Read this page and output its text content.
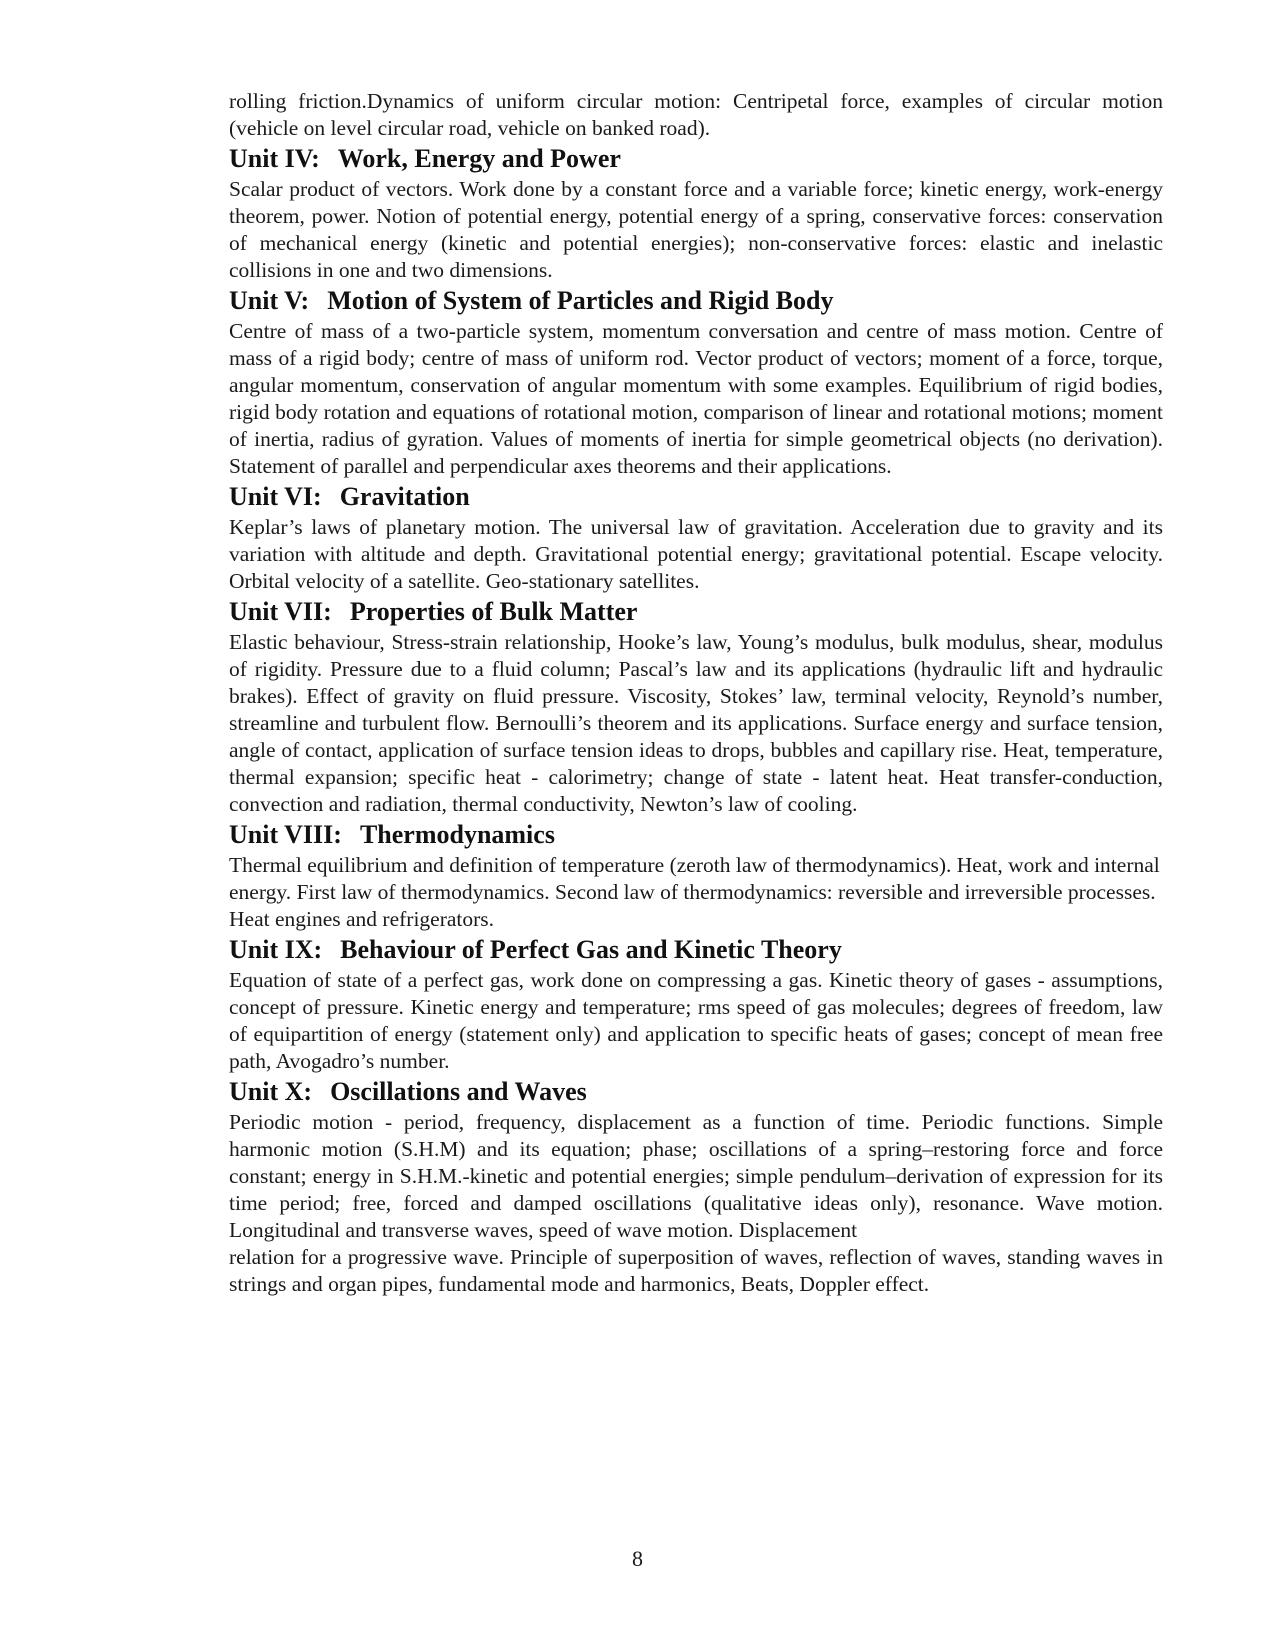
rolling friction.Dynamics of uniform circular motion: Centripetal force, examples of circular motion (vehicle on level circular road, vehicle on banked road).

Unit IV: Work, Energy and Power

Scalar product of vectors. Work done by a constant force and a variable force; kinetic energy, work-energy theorem, power. Notion of potential energy, potential energy of a spring, conservative forces: conservation of mechanical energy (kinetic and potential energies); non-conservative forces: elastic and inelastic collisions in one and two dimensions.

Unit V: Motion of System of Particles and Rigid Body

Centre of mass of a two-particle system, momentum conversation and centre of mass motion. Centre of mass of a rigid body; centre of mass of uniform rod. Vector product of vectors; moment of a force, torque, angular momentum, conservation of angular momentum with some examples. Equilibrium of rigid bodies, rigid body rotation and equations of rotational motion, comparison of linear and rotational motions; moment of inertia, radius of gyration. Values of moments of inertia for simple geometrical objects (no derivation). Statement of parallel and perpendicular axes theorems and their applications.

Unit VI: Gravitation

Keplar’s laws of planetary motion. The universal law of gravitation. Acceleration due to gravity and its variation with altitude and depth. Gravitational potential energy; gravitational potential. Escape velocity. Orbital velocity of a satellite. Geo-stationary satellites.

Unit VII: Properties of Bulk Matter

Elastic behaviour, Stress-strain relationship, Hooke’s law, Young’s modulus, bulk modulus, shear, modulus of rigidity. Pressure due to a fluid column; Pascal’s law and its applications (hydraulic lift and hydraulic brakes). Effect of gravity on fluid pressure. Viscosity, Stokes’ law, terminal velocity, Reynold’s number, streamline and turbulent flow. Bernoulli’s theorem and its applications. Surface energy and surface tension, angle of contact, application of surface tension ideas to drops, bubbles and capillary rise. Heat, temperature, thermal expansion; specific heat - calorimetry; change of state - latent heat. Heat transfer-conduction, convection and radiation, thermal conductivity, Newton’s law of cooling.

Unit VIII: Thermodynamics

Thermal equilibrium and definition of temperature (zeroth law of thermodynamics). Heat, work and internal energy. First law of thermodynamics. Second law of thermodynamics: reversible and irreversible processes. Heat engines and refrigerators.

Unit IX: Behaviour of Perfect Gas and Kinetic Theory

Equation of state of a perfect gas, work done on compressing a gas. Kinetic theory of gases - assumptions, concept of pressure. Kinetic energy and temperature; rms speed of gas molecules; degrees of freedom, law of equipartition of energy (statement only) and application to specific heats of gases; concept of mean free path, Avogadro’s number.

Unit X: Oscillations and Waves

Periodic motion - period, frequency, displacement as a function of time. Periodic functions. Simple harmonic motion (S.H.M) and its equation; phase; oscillations of a spring–restoring force and force constant; energy in S.H.M.-kinetic and potential energies; simple pendulum–derivation of expression for its time period; free, forced and damped oscillations (qualitative ideas only), resonance. Wave motion. Longitudinal and transverse waves, speed of wave motion. Displacement

relation for a progressive wave. Principle of superposition of waves, reflection of waves, standing waves in strings and organ pipes, fundamental mode and harmonics, Beats, Doppler effect.

8
